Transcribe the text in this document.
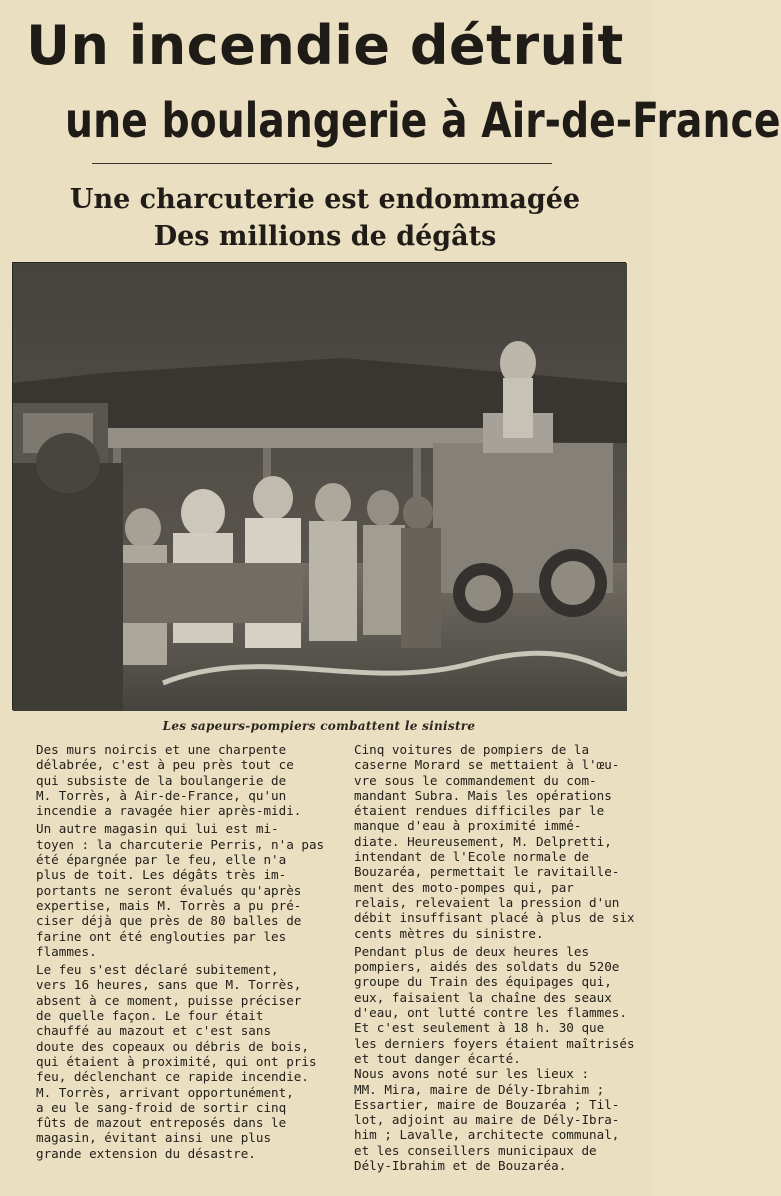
Un incendie détruit
une boulangerie à Air-de-France
Une charcuterie est endommagée
Des millions de dégâts
Les sapeurs-pompiers combattent le sinistre

Des murs noircis et une charpente
délabrée, c'est à peu près tout ce
qui subsiste de la boulangerie de
M. Torrès, à Air-de-France, qu'un
incendie a ravagée hier après-midi.

Un autre magasin qui lui est mi-
toyen : la charcuterie Perris, n'a pas
été épargnée par le feu, elle n'a
plus de toit. Les dégâts très im-
portants ne seront évalués qu'après
expertise, mais M. Torrès a pu pré-
ciser déjà que près de 80 balles de
farine ont été englouties par les
flammes.

Le feu s'est déclaré subitement,
vers 16 heures, sans que M. Torrès,
absent à ce moment, puisse préciser
de quelle façon. Le four était
chauffé au mazout et c'est sans
doute des copeaux ou débris de bois,
qui étaient à proximité, qui ont pris
feu, déclenchant ce rapide incendie.
M. Torrès, arrivant opportunément,
a eu le sang-froid de sortir cinq
fûts de mazout entreposés dans le
magasin, évitant ainsi une plus
grande extension du désastre.

Cinq voitures de pompiers de la
caserne Morard se mettaient à l'œu-
vre sous le commandement du com-
mandant Subra. Mais les opérations
étaient rendues difficiles par le
manque d'eau à proximité immé-
diate. Heureusement, M. Delpretti,
intendant de l'Ecole normale de
Bouzaréa, permettait le ravitaille-
ment des moto-pompes qui, par
relais, relevaient la pression d'un
débit insuffisant placé à plus de six
cents mètres du sinistre.

Pendant plus de deux heures les
pompiers, aidés des soldats du 520e
groupe du Train des équipages qui,
eux, faisaient la chaîne des seaux
d'eau, ont lutté contre les flammes.

Et c'est seulement à 18 h. 30 que
les derniers foyers étaient maîtrisés
et tout danger écarté.

Nous avons noté sur les lieux :
MM. Mira, maire de Dély-Ibrahim ;
Essartier, maire de Bouzaréa ; Til-
lot, adjoint au maire de Dély-Ibra-
him ; Lavalle, architecte communal,
et les conseillers municipaux de
Dély-Ibrahim et de Bouzaréa.
